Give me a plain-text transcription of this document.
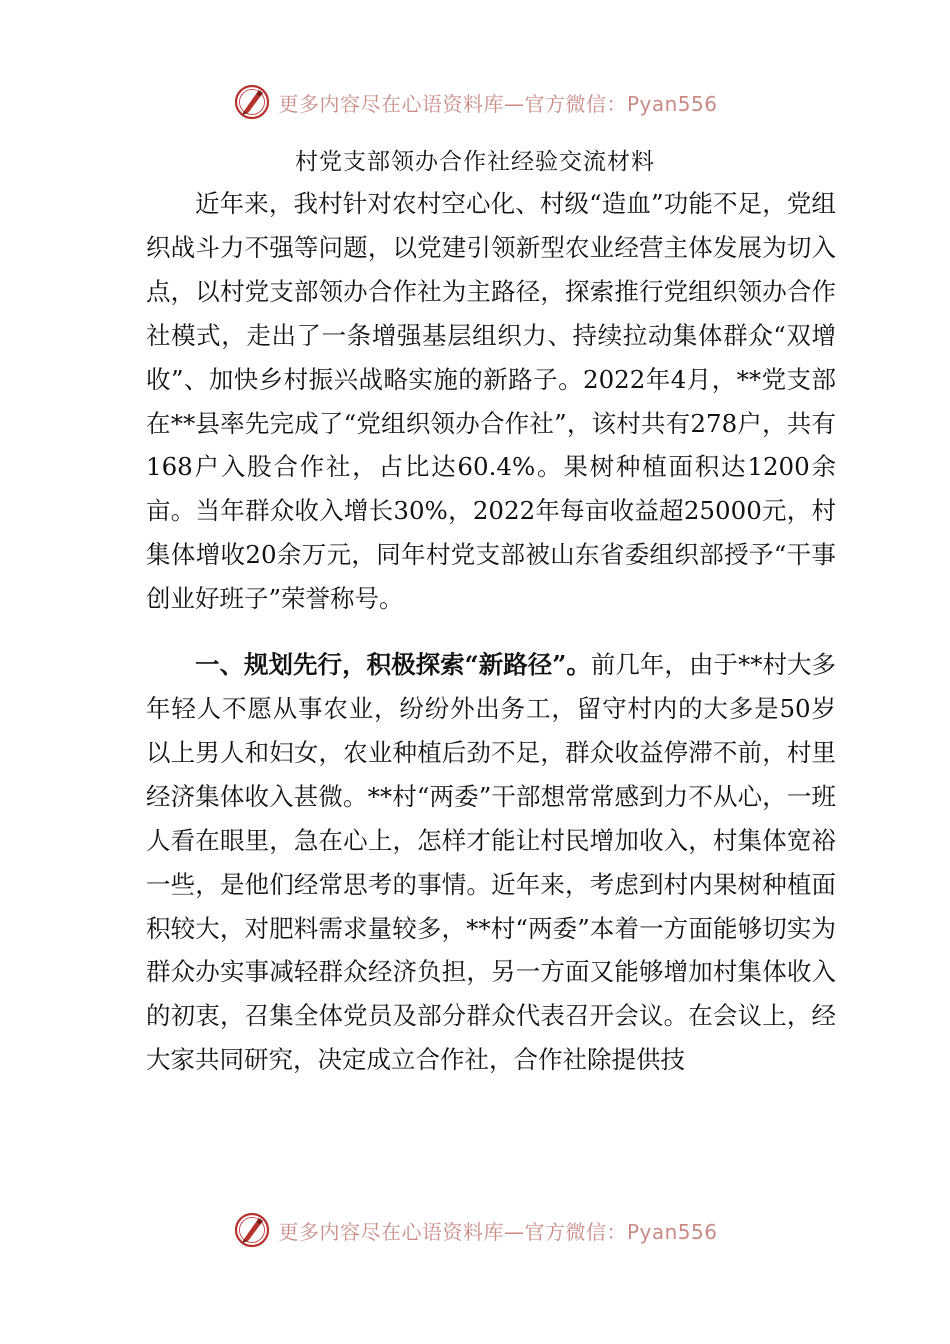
更多内容尽在心语资料库—官方微信：Pyan556
村党支部领办合作社经验交流材料

近年来，我村针对农村空心化、村级“造血”功能不足，党组织战斗力不强等问题，以党建引领新型农业经营主体发展为切入点，以村党支部领办合作社为主路径，探索推行党组织领办合作社模式，走出了一条增强基层组织力、持续拉动集体群众“双增收”、加快乡村振兴战略实施的新路子。2022年4月，**党支部在**县率先完成了“党组织领办合作社”，该村共有278户，共有168户入股合作社，占比达60.4%。果树种植面积达1200余亩。当年群众收入增长30%，2022年每亩收益超25000元，村集体增收20余万元，同年村党支部被山东省委组织部授予“干事创业好班子”荣誉称号。

一、规划先行，积极探索“新路径”。前几年，由于**村大多年轻人不愿从事农业，纷纷外出务工，留守村内的大多是50岁以上男人和妇女，农业种植后劲不足，群众收益停滞不前，村里经济集体收入甚微。**村“两委”干部想常常感到力不从心，一班人看在眼里，急在心上，怎样才能让村民增加收入，村集体宽裕一些，是他们经常思考的事情。近年来，考虑到村内果树种植面积较大，对肥料需求量较多，**村“两委”本着一方面能够切实为群众办实事减轻群众经济负担，另一方面又能够增加村集体收入的初衷，召集全体党员及部分群众代表召开会议。在会议上，经大家共同研究，决定成立合作社，合作社除提供技

更多内容尽在心语资料库—官方微信：Pyan556
